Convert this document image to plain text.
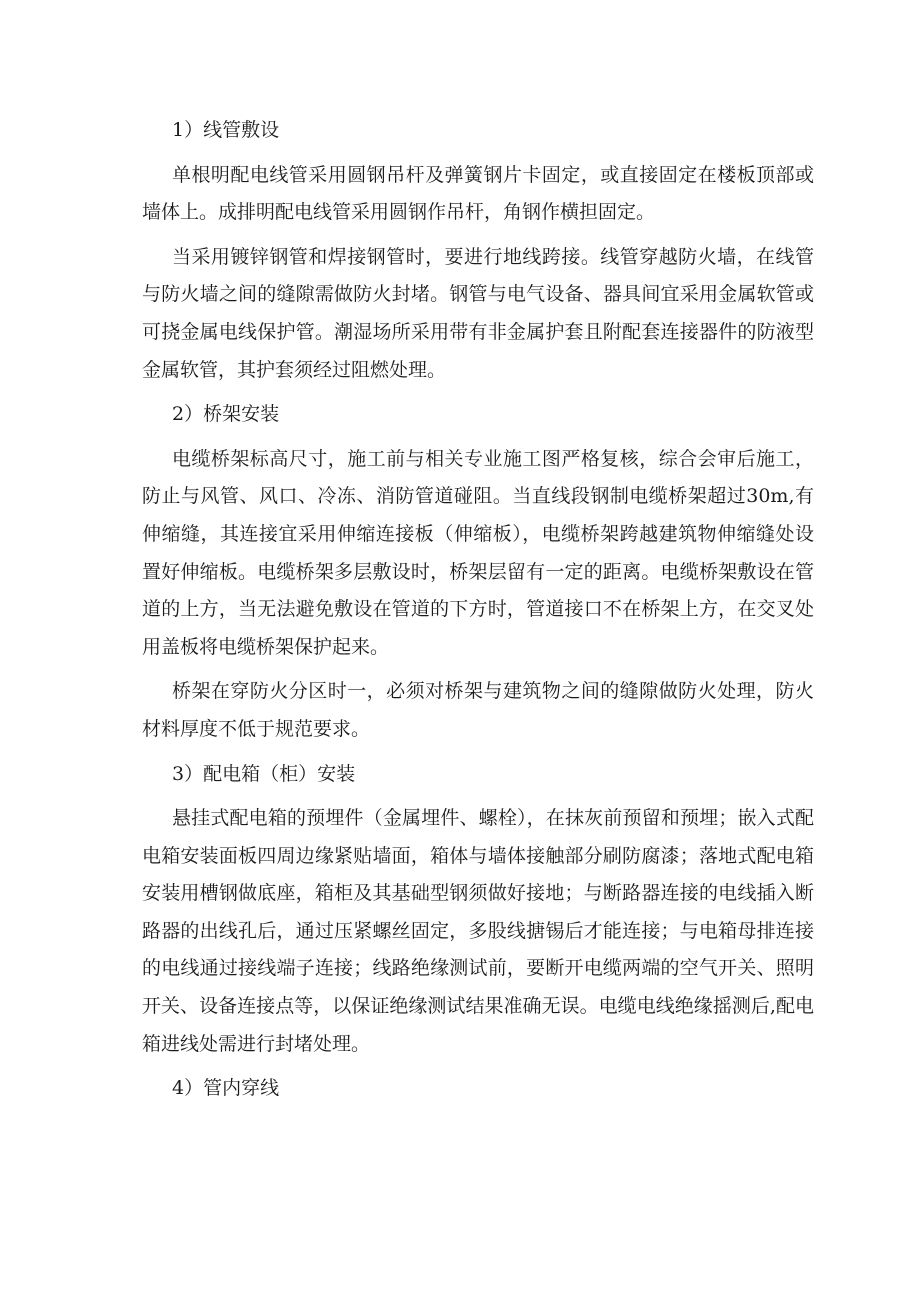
1）线管敷设

单根明配电线管采用圆钢吊杆及弹簧钢片卡固定，或直接固定在楼板顶部或墙体上。成排明配电线管采用圆钢作吊杆，角钢作横担固定。

当采用镀锌钢管和焊接钢管时，要进行地线跨接。线管穿越防火墙，在线管与防火墙之间的缝隙需做防火封堵。钢管与电气设备、器具间宜采用金属软管或可挠金属电线保护管。潮湿场所采用带有非金属护套且附配套连接器件的防液型金属软管，其护套须经过阻燃处理。

2）桥架安装

电缆桥架标高尺寸，施工前与相关专业施工图严格复核，综合会审后施工，防止与风管、风口、冷冻、消防管道碰阻。当直线段钢制电缆桥架超过30m,有伸缩缝，其连接宜采用伸缩连接板（伸缩板），电缆桥架跨越建筑物伸缩缝处设置好伸缩板。电缆桥架多层敷设时，桥架层留有一定的距离。电缆桥架敷设在管道的上方，当无法避免敷设在管道的下方时，管道接口不在桥架上方，在交叉处用盖板将电缆桥架保护起来。

桥架在穿防火分区时一，必须对桥架与建筑物之间的缝隙做防火处理，防火材料厚度不低于规范要求。

3）配电箱（柜）安装

悬挂式配电箱的预埋件（金属埋件、螺栓），在抹灰前预留和预埋；嵌入式配电箱安装面板四周边缘紧贴墙面，箱体与墙体接触部分刷防腐漆；落地式配电箱安装用槽钢做底座，箱柜及其基础型钢须做好接地；与断路器连接的电线插入断路器的出线孔后，通过压紧螺丝固定，多股线搪锡后才能连接；与电箱母排连接的电线通过接线端子连接；线路绝缘测试前，要断开电缆两端的空气开关、照明开关、设备连接点等，以保证绝缘测试结果准确无误。电缆电线绝缘摇测后,配电箱进线处需进行封堵处理。

4）管内穿线
